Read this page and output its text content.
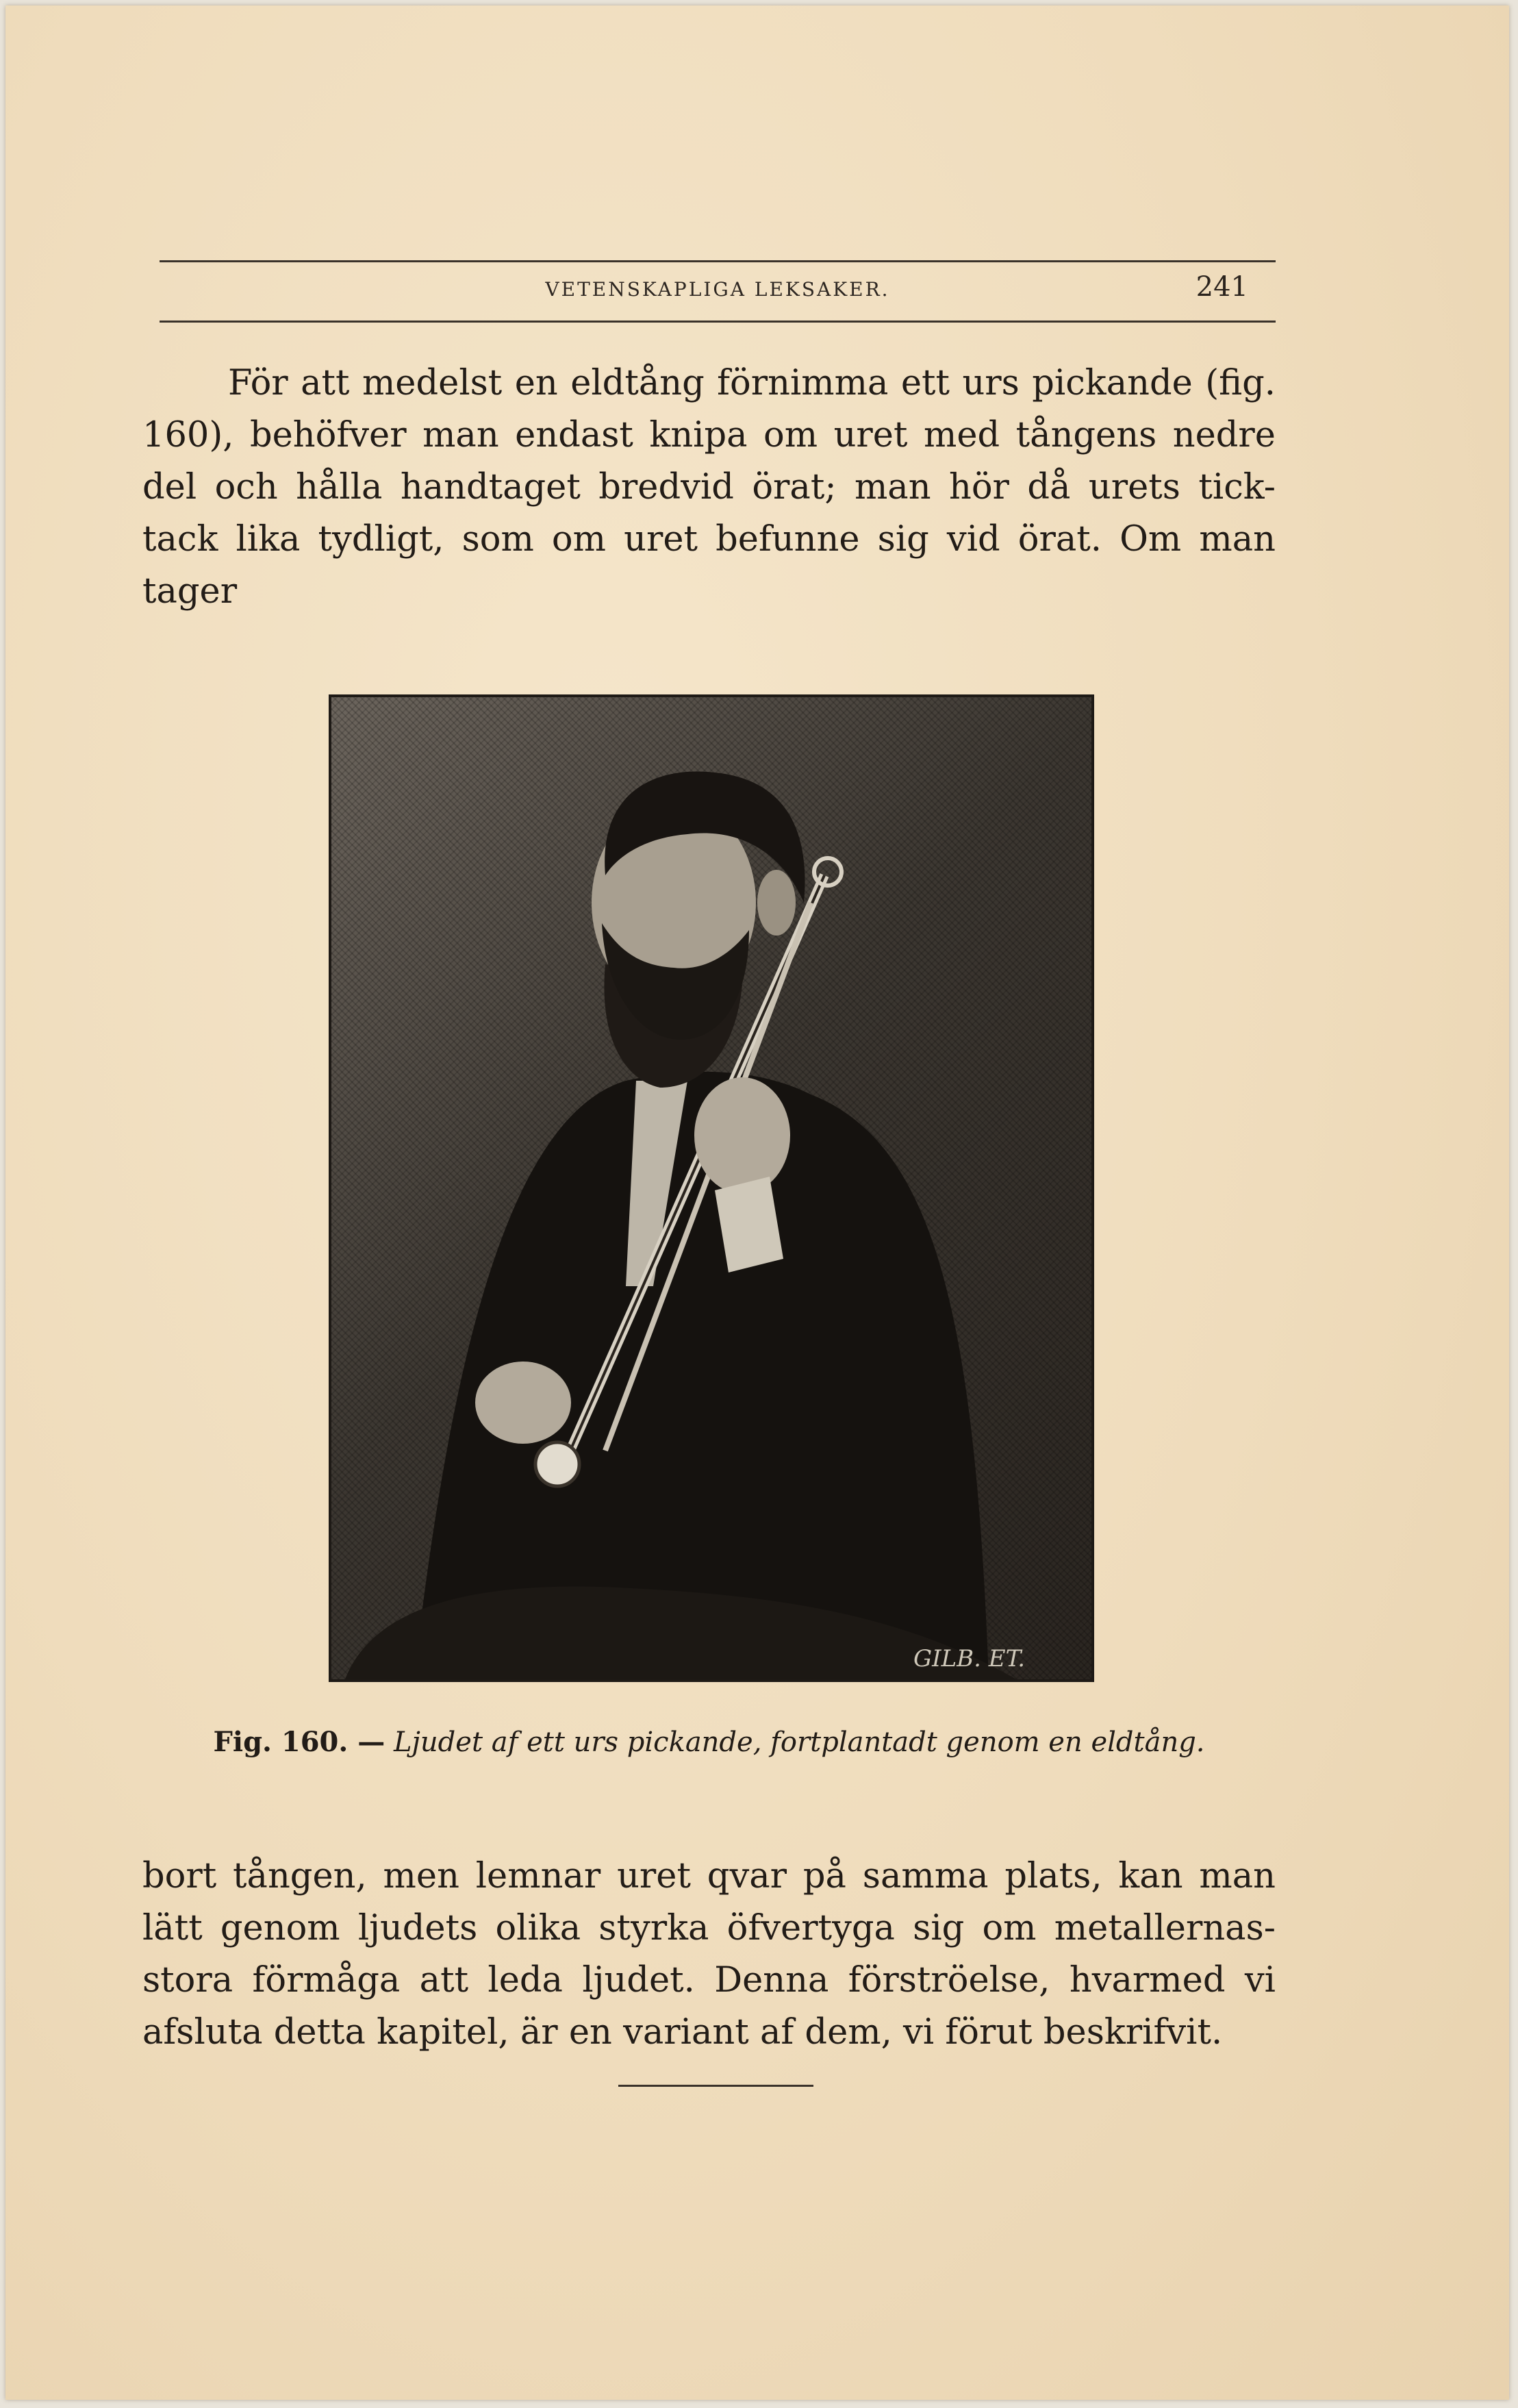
VETENSKAPLIGA LEKSAKER.	241

För att medelst en eldtång förnimma ett urs pickande (fig. 160), behöfver man endast knipa om uret med tångens nedre del och hålla handtaget bredvid örat; man hör då urets tick-tack lika tydligt, som om uret befunne sig vid örat. Om man tager

GILB. ET.
Fig. 160. — Ljudet af ett urs pickande, fortplantadt genom en eldtång.

bort tången, men lemnar uret qvar på samma plats, kan man lätt genom ljudets olika styrka öfvertyga sig om metallernas- stora förmåga att leda ljudet. Denna förströelse, hvarmed vi afsluta detta kapitel, är en variant af dem, vi förut beskrifvit.
